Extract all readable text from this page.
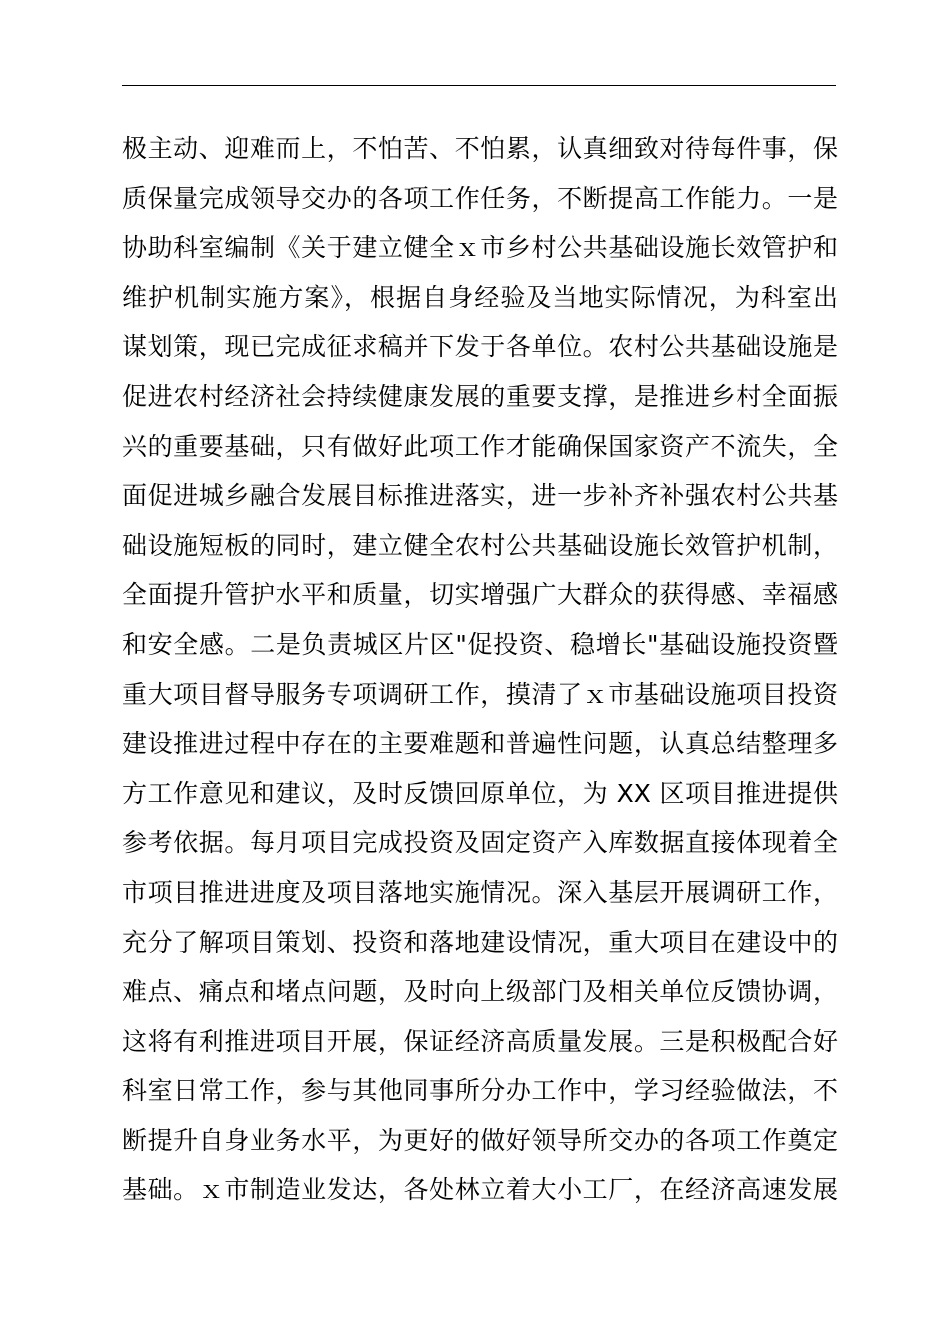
极主动、迎难而上，不怕苦、不怕累，认真细致对待每件事，保
质保量完成领导交办的各项工作任务，不断提高工作能力。一是
协助科室编制《关于建立健全ｘ市乡村公共基础设施长效管护和
维护机制实施方案》，根据自身经验及当地实际情况，为科室出
谋划策，现已完成征求稿并下发于各单位。农村公共基础设施是
促进农村经济社会持续健康发展的重要支撑，是推进乡村全面振
兴的重要基础，只有做好此项工作才能确保国家资产不流失，全
面促进城乡融合发展目标推进落实，进一步补齐补强农村公共基
础设施短板的同时，建立健全农村公共基础设施长效管护机制，
全面提升管护水平和质量，切实增强广大群众的获得感、幸福感
和安全感。二是负责城区片区"促投资、稳增长"基础设施投资暨
重大项目督导服务专项调研工作，摸清了ｘ市基础设施项目投资
建设推进过程中存在的主要难题和普遍性问题，认真总结整理多
方工作意见和建议，及时反馈回原单位，为 XX 区项目推进提供
参考依据。每月项目完成投资及固定资产入库数据直接体现着全
市项目推进进度及项目落地实施情况。深入基层开展调研工作，
充分了解项目策划、投资和落地建设情况，重大项目在建设中的
难点、痛点和堵点问题，及时向上级部门及相关单位反馈协调，
这将有利推进项目开展，保证经济高质量发展。三是积极配合好
科室日常工作，参与其他同事所分办工作中，学习经验做法，不
断提升自身业务水平，为更好的做好领导所交办的各项工作奠定
基础。ｘ市制造业发达，各处林立着大小工厂，在经济高速发展
